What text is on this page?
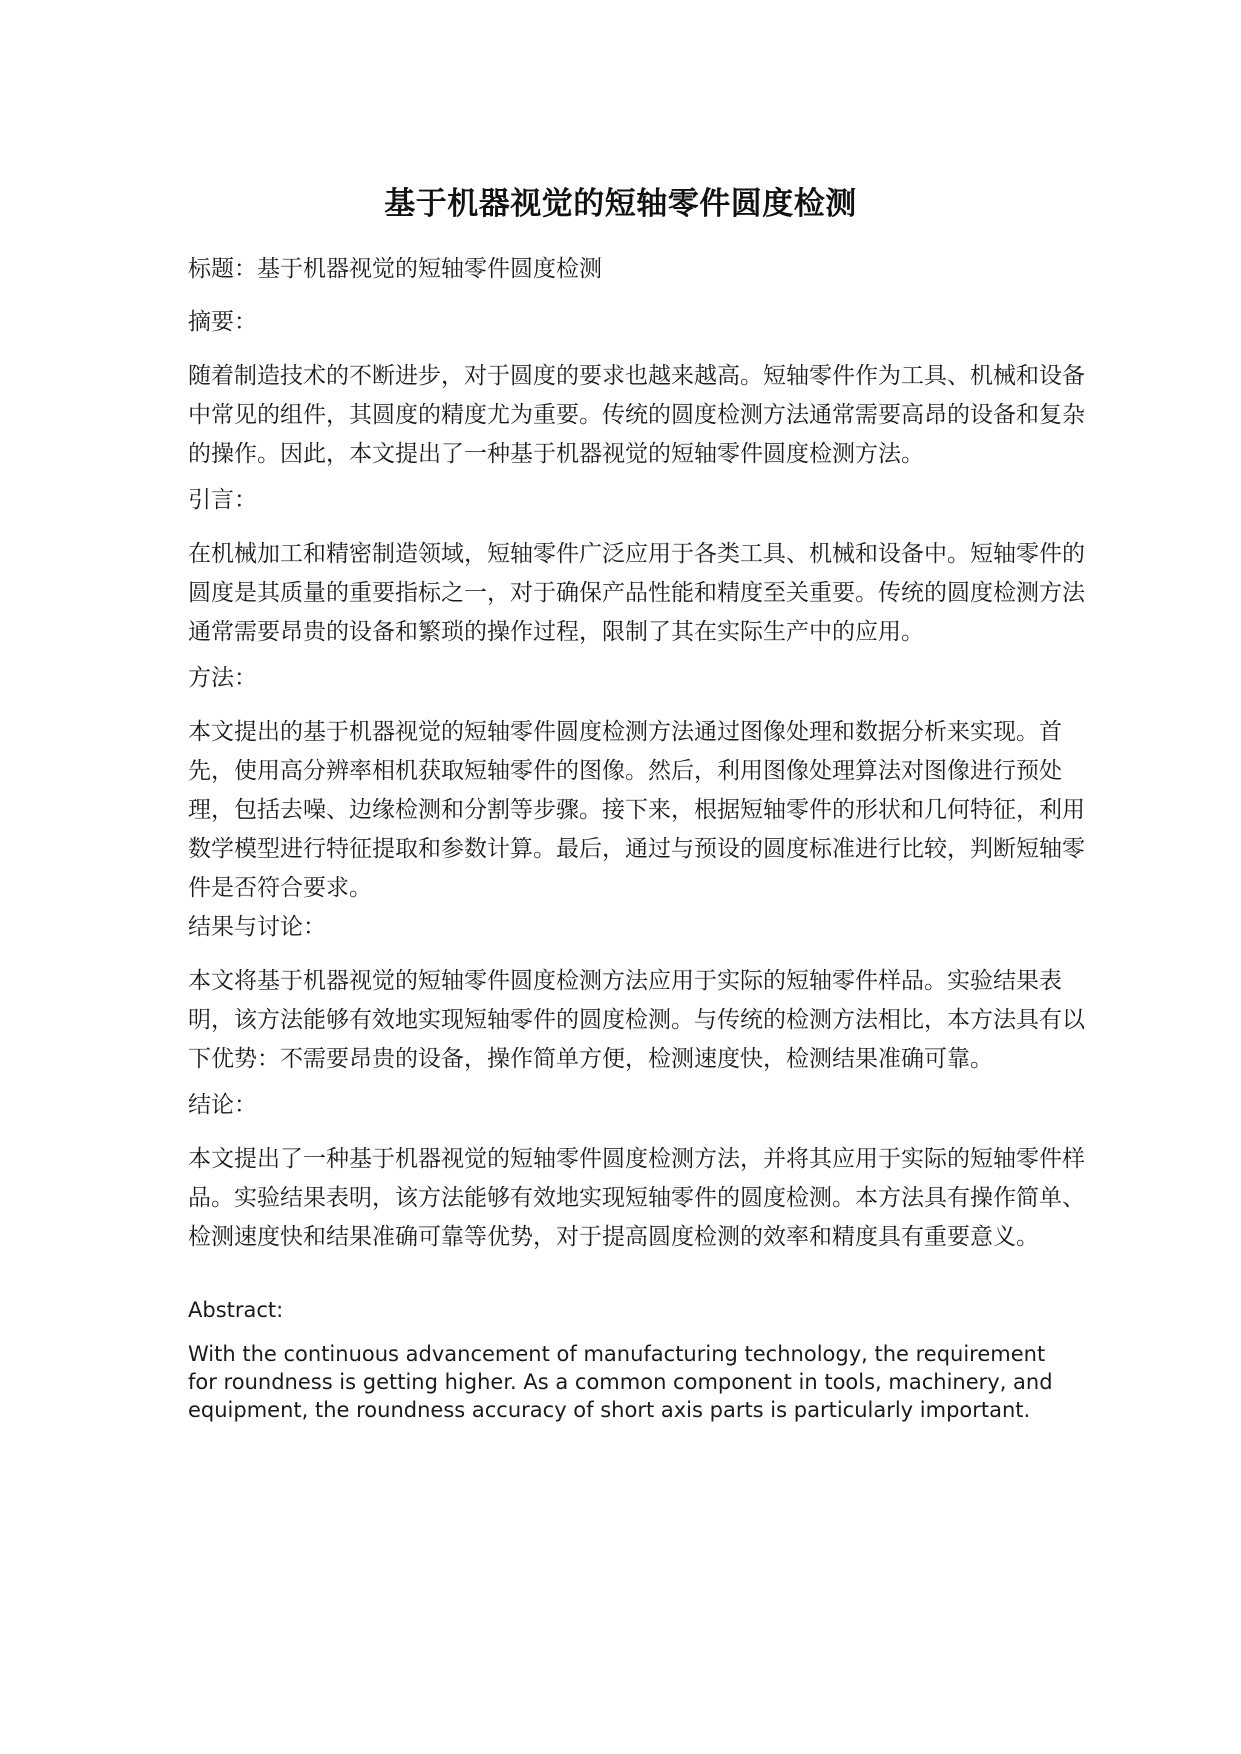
基于机器视觉的短轴零件圆度检测

标题：基于机器视觉的短轴零件圆度检测

摘要：

随着制造技术的不断进步，对于圆度的要求也越来越高。短轴零件作为工具、机械和设备中常见的组件，其圆度的精度尤为重要。传统的圆度检测方法通常需要高昂的设备和复杂的操作。因此，本文提出了一种基于机器视觉的短轴零件圆度检测方法。

引言：

在机械加工和精密制造领域，短轴零件广泛应用于各类工具、机械和设备中。短轴零件的圆度是其质量的重要指标之一，对于确保产品性能和精度至关重要。传统的圆度检测方法通常需要昂贵的设备和繁琐的操作过程，限制了其在实际生产中的应用。

方法：

本文提出的基于机器视觉的短轴零件圆度检测方法通过图像处理和数据分析来实现。首先，使用高分辨率相机获取短轴零件的图像。然后，利用图像处理算法对图像进行预处理，包括去噪、边缘检测和分割等步骤。接下来，根据短轴零件的形状和几何特征，利用数学模型进行特征提取和参数计算。最后，通过与预设的圆度标准进行比较，判断短轴零件是否符合要求。

结果与讨论：

本文将基于机器视觉的短轴零件圆度检测方法应用于实际的短轴零件样品。实验结果表明，该方法能够有效地实现短轴零件的圆度检测。与传统的检测方法相比，本方法具有以下优势：不需要昂贵的设备，操作简单方便，检测速度快，检测结果准确可靠。

结论：

本文提出了一种基于机器视觉的短轴零件圆度检测方法，并将其应用于实际的短轴零件样品。实验结果表明，该方法能够有效地实现短轴零件的圆度检测。本方法具有操作简单、检测速度快和结果准确可靠等优势，对于提高圆度检测的效率和精度具有重要意义。

Abstract:

With the continuous advancement of manufacturing technology, the requirement for roundness is getting higher. As a common component in tools, machinery, and equipment, the roundness accuracy of short axis parts is particularly important.
